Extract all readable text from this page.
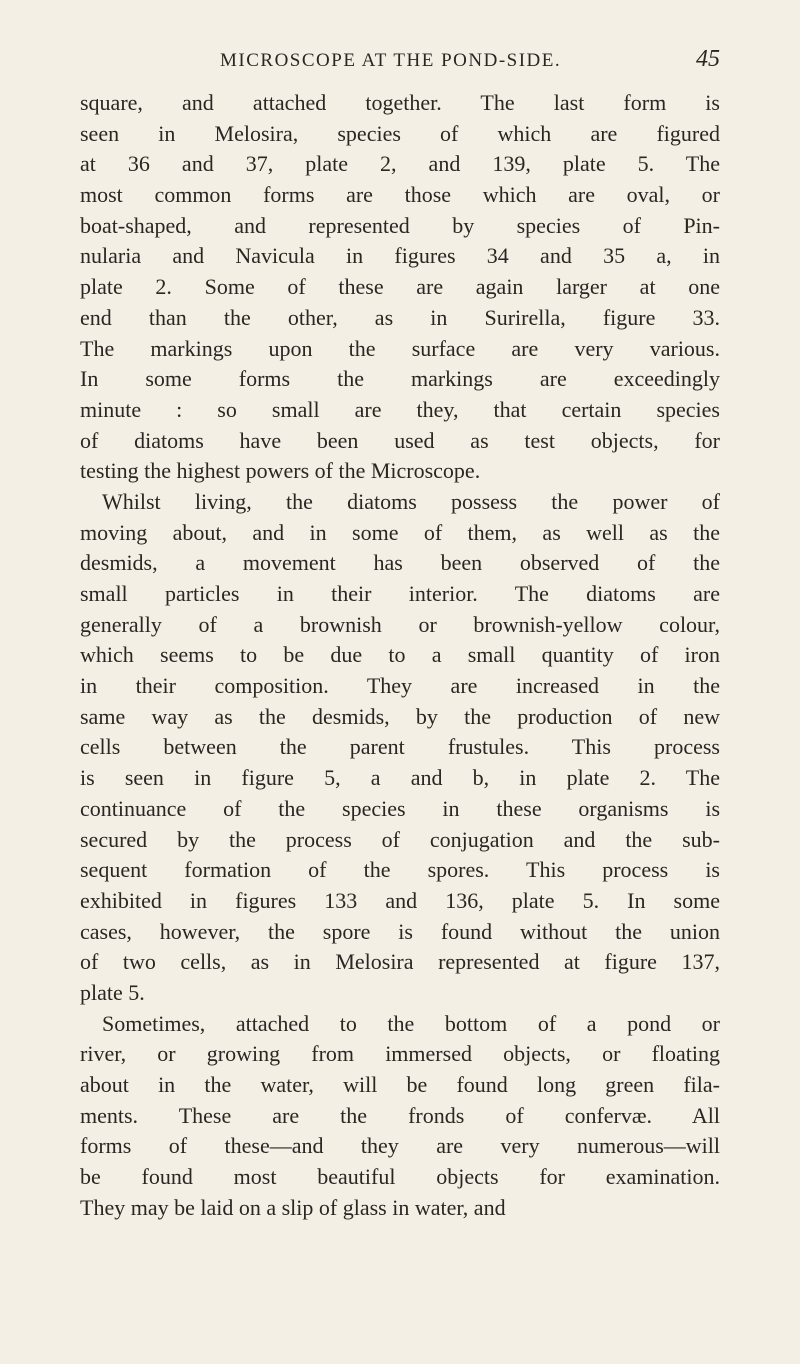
MICROSCOPE AT THE POND-SIDE.	45
square, and attached together. The last form is
seen in Melosira, species of which are figured
at 36 and 37, plate 2, and 139, plate 5. The
most common forms are those which are oval, or
boat-shaped, and represented by species of Pin-
nularia and Navicula in figures 34 and 35 a, in
plate 2. Some of these are again larger at one
end than the other, as in Surirella, figure 33.
The markings upon the surface are very various.
In some forms the markings are exceedingly
minute : so small are they, that certain species
of diatoms have been used as test objects, for
testing the highest powers of the Microscope.
Whilst living, the diatoms possess the power of
moving about, and in some of them, as well as the
desmids, a movement has been observed of the
small particles in their interior. The diatoms are
generally of a brownish or brownish-yellow colour,
which seems to be due to a small quantity of iron
in their composition. They are increased in the
same way as the desmids, by the production of new
cells between the parent frustules. This process
is seen in figure 5, a and b, in plate 2. The
continuance of the species in these organisms is
secured by the process of conjugation and the sub-
sequent formation of the spores. This process is
exhibited in figures 133 and 136, plate 5. In some
cases, however, the spore is found without the union
of two cells, as in Melosira represented at figure 137,
plate 5.
Sometimes, attached to the bottom of a pond or
river, or growing from immersed objects, or floating
about in the water, will be found long green fila-
ments. These are the fronds of confervæ. All
forms of these—and they are very numerous—will
be found most beautiful objects for examination.
They may be laid on a slip of glass in water, and
